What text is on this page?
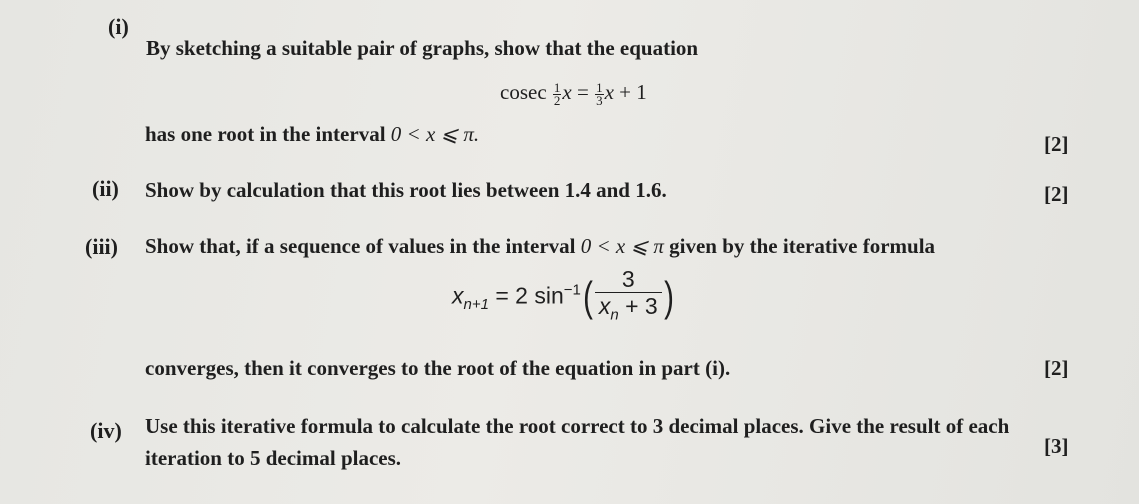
(i)
By sketching a suitable pair of graphs, show that the equation
cosec $\frac{1}{2}$ $x = \frac{1}{3}$ x + 1
has one root in the interval 0 < x ⩽ π.	[2]
(ii) Show by calculation that this root lies between 1.4 and 1.6.	[2]
(iii) Show that, if a sequence of values in the interval 0 < x ⩽ π given by the iterative formula
$x_{n+1} = 2$ $\sin^{-1}( \frac{3}{x_n + 3}$ )
converges, then it converges to the root of the equation in part (i).	[2]
(iv) Use this iterative formula to calculate the root correct to 3 decimal places. Give the result of each
iteration to 5 decimal places.	[3]
